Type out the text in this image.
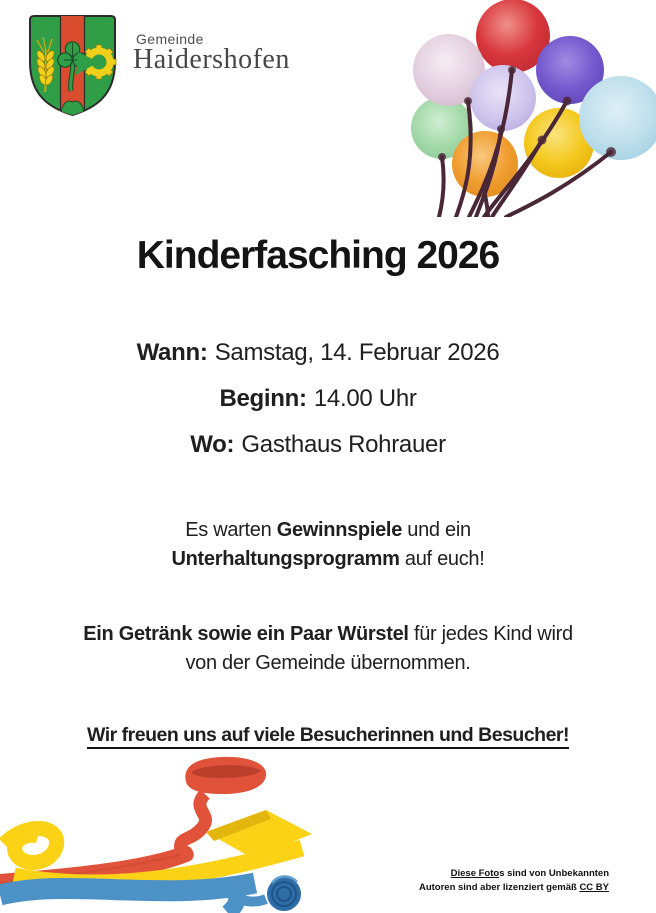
Gemeinde
Haidershofen
Kinderfasching 2026

Wann: Samstag, 14. Februar 2026

Beginn: 14.00 Uhr

Wo: Gasthaus Rohrauer

Es warten Gewinnspiele und ein
Unterhaltungsprogramm auf euch!
Ein Getränk sowie ein Paar Würstel für jedes Kind wird
von der Gemeinde übernommen.
Wir freuen uns auf viele Besucherinnen und Besucher!
Diese Fotos sind von Unbekannten
Autoren sind aber lizenziert gemäß CC BY
